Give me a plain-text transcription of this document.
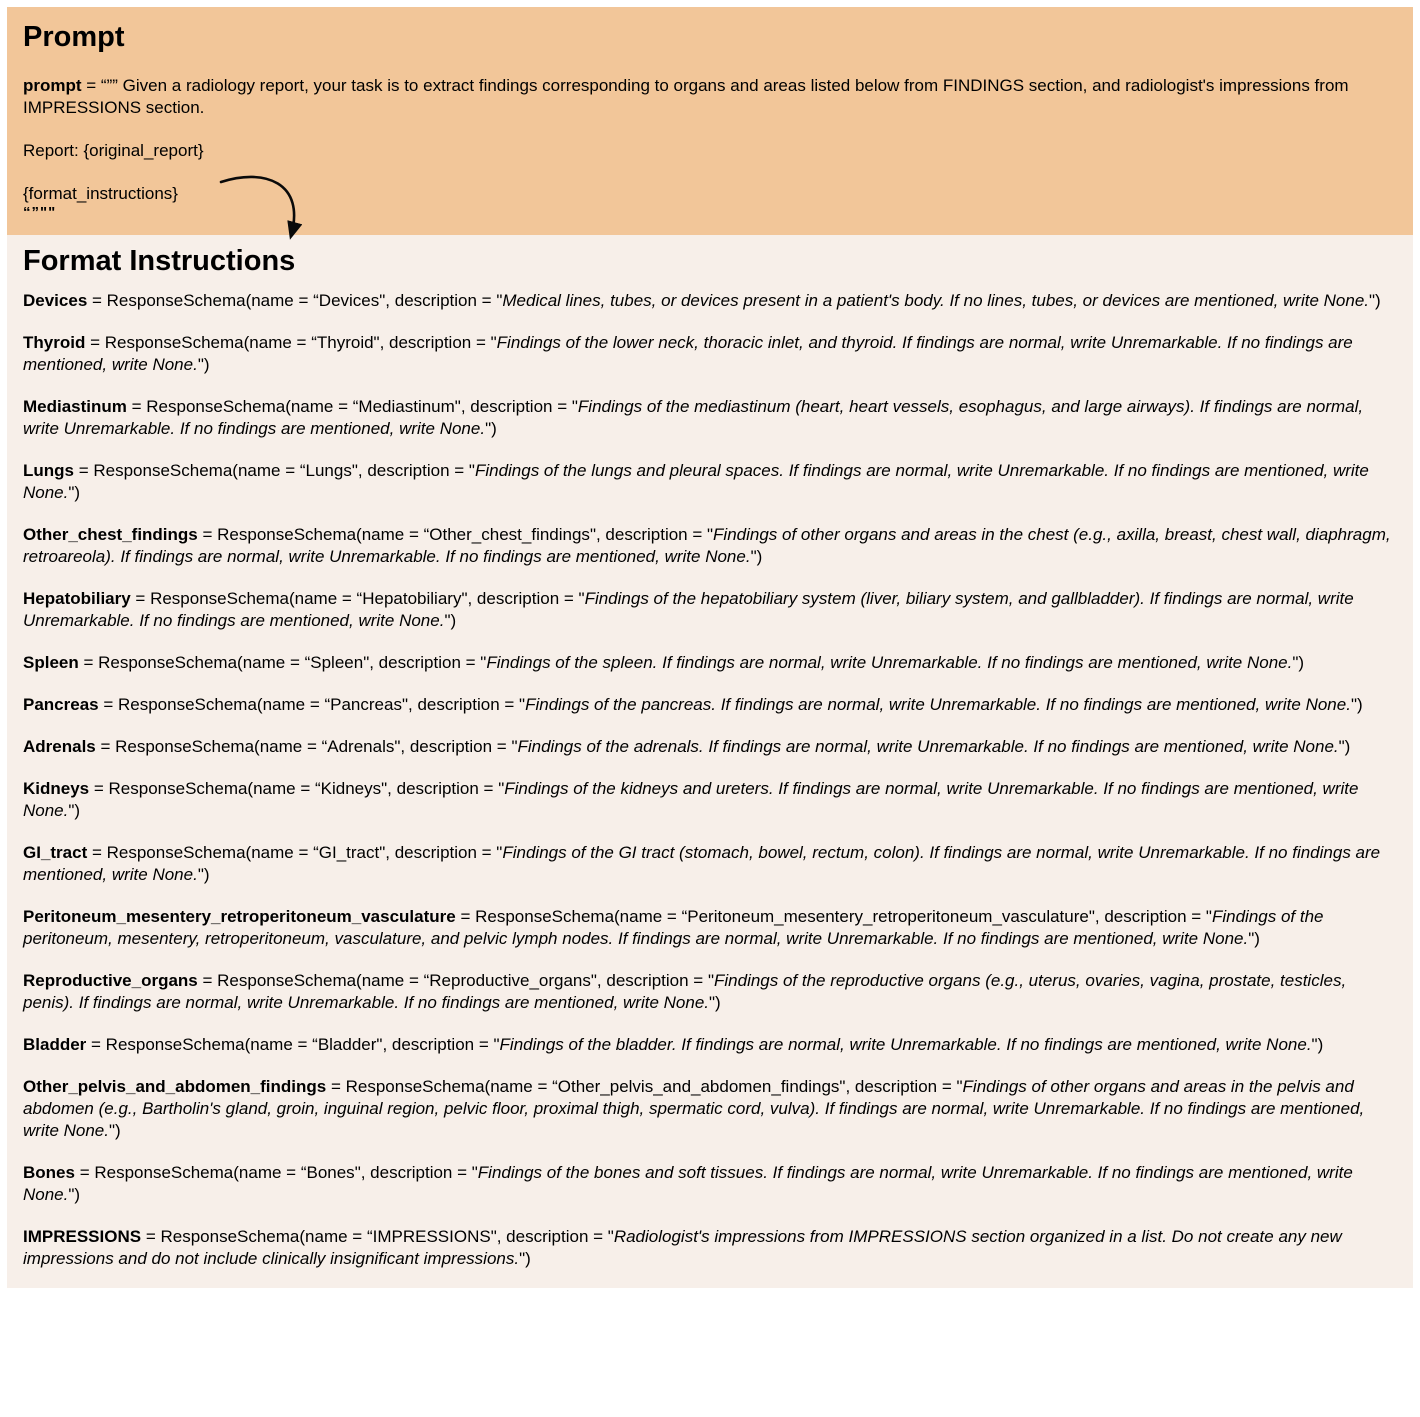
Prompt

prompt = “”” Given a radiology report, your task is to extract findings corresponding to organs and areas listed below from FINDINGS section, and radiologist's impressions from IMPRESSIONS section.

Report: {original_report}

{format_instructions}

“”""

Format Instructions

Devices = ResponseSchema(name = “Devices", description = "Medical lines, tubes, or devices present in a patient's body. If no lines, tubes, or devices are mentioned, write None.")

Thyroid = ResponseSchema(name = “Thyroid", description = "Findings of the lower neck, thoracic inlet, and thyroid. If findings are normal, write Unremarkable. If no findings are mentioned, write None.")

Mediastinum = ResponseSchema(name = “Mediastinum", description = "Findings of the mediastinum (heart, heart vessels, esophagus, and large airways). If findings are normal, write Unremarkable. If no findings are mentioned, write None.")

Lungs = ResponseSchema(name = “Lungs", description = "Findings of the lungs and pleural spaces. If findings are normal, write Unremarkable. If no findings are mentioned, write None.")

Other_chest_findings = ResponseSchema(name = “Other_chest_findings", description = "Findings of other organs and areas in the chest (e.g., axilla, breast, chest wall, diaphragm, retroareola). If findings are normal, write Unremarkable. If no findings are mentioned, write None.")

Hepatobiliary = ResponseSchema(name = “Hepatobiliary", description = "Findings of the hepatobiliary system (liver, biliary system, and gallbladder). If findings are normal, write Unremarkable. If no findings are mentioned, write None.")

Spleen = ResponseSchema(name = “Spleen", description = "Findings of the spleen. If findings are normal, write Unremarkable. If no findings are mentioned, write None.")

Pancreas = ResponseSchema(name = “Pancreas", description = "Findings of the pancreas. If findings are normal, write Unremarkable. If no findings are mentioned, write None.")

Adrenals = ResponseSchema(name = “Adrenals", description = "Findings of the adrenals. If findings are normal, write Unremarkable. If no findings are mentioned, write None.")

Kidneys = ResponseSchema(name = “Kidneys", description = "Findings of the kidneys and ureters. If findings are normal, write Unremarkable. If no findings are mentioned, write None.")

GI_tract = ResponseSchema(name = “GI_tract", description = "Findings of the GI tract (stomach, bowel, rectum, colon). If findings are normal, write Unremarkable. If no findings are mentioned, write None.")

Peritoneum_mesentery_retroperitoneum_vasculature = ResponseSchema(name = “Peritoneum_mesentery_retroperitoneum_vasculature", description = "Findings of the peritoneum, mesentery, retroperitoneum, vasculature, and pelvic lymph nodes. If findings are normal, write Unremarkable. If no findings are mentioned, write None.")

Reproductive_organs = ResponseSchema(name = “Reproductive_organs", description = "Findings of the reproductive organs (e.g., uterus, ovaries, vagina, prostate, testicles, penis). If findings are normal, write Unremarkable. If no findings are mentioned, write None.")

Bladder = ResponseSchema(name = “Bladder", description = "Findings of the bladder. If findings are normal, write Unremarkable. If no findings are mentioned, write None.")

Other_pelvis_and_abdomen_findings = ResponseSchema(name = “Other_pelvis_and_abdomen_findings", description = "Findings of other organs and areas in the pelvis and abdomen (e.g., Bartholin's gland, groin, inguinal region, pelvic floor, proximal thigh, spermatic cord, vulva). If findings are normal, write Unremarkable. If no findings are mentioned, write None.")

Bones = ResponseSchema(name = “Bones", description = "Findings of the bones and soft tissues. If findings are normal, write Unremarkable. If no findings are mentioned, write None.")

IMPRESSIONS = ResponseSchema(name = “IMPRESSIONS", description = "Radiologist's impressions from IMPRESSIONS section organized in a list. Do not create any new impressions and do not include clinically insignificant impressions.")
